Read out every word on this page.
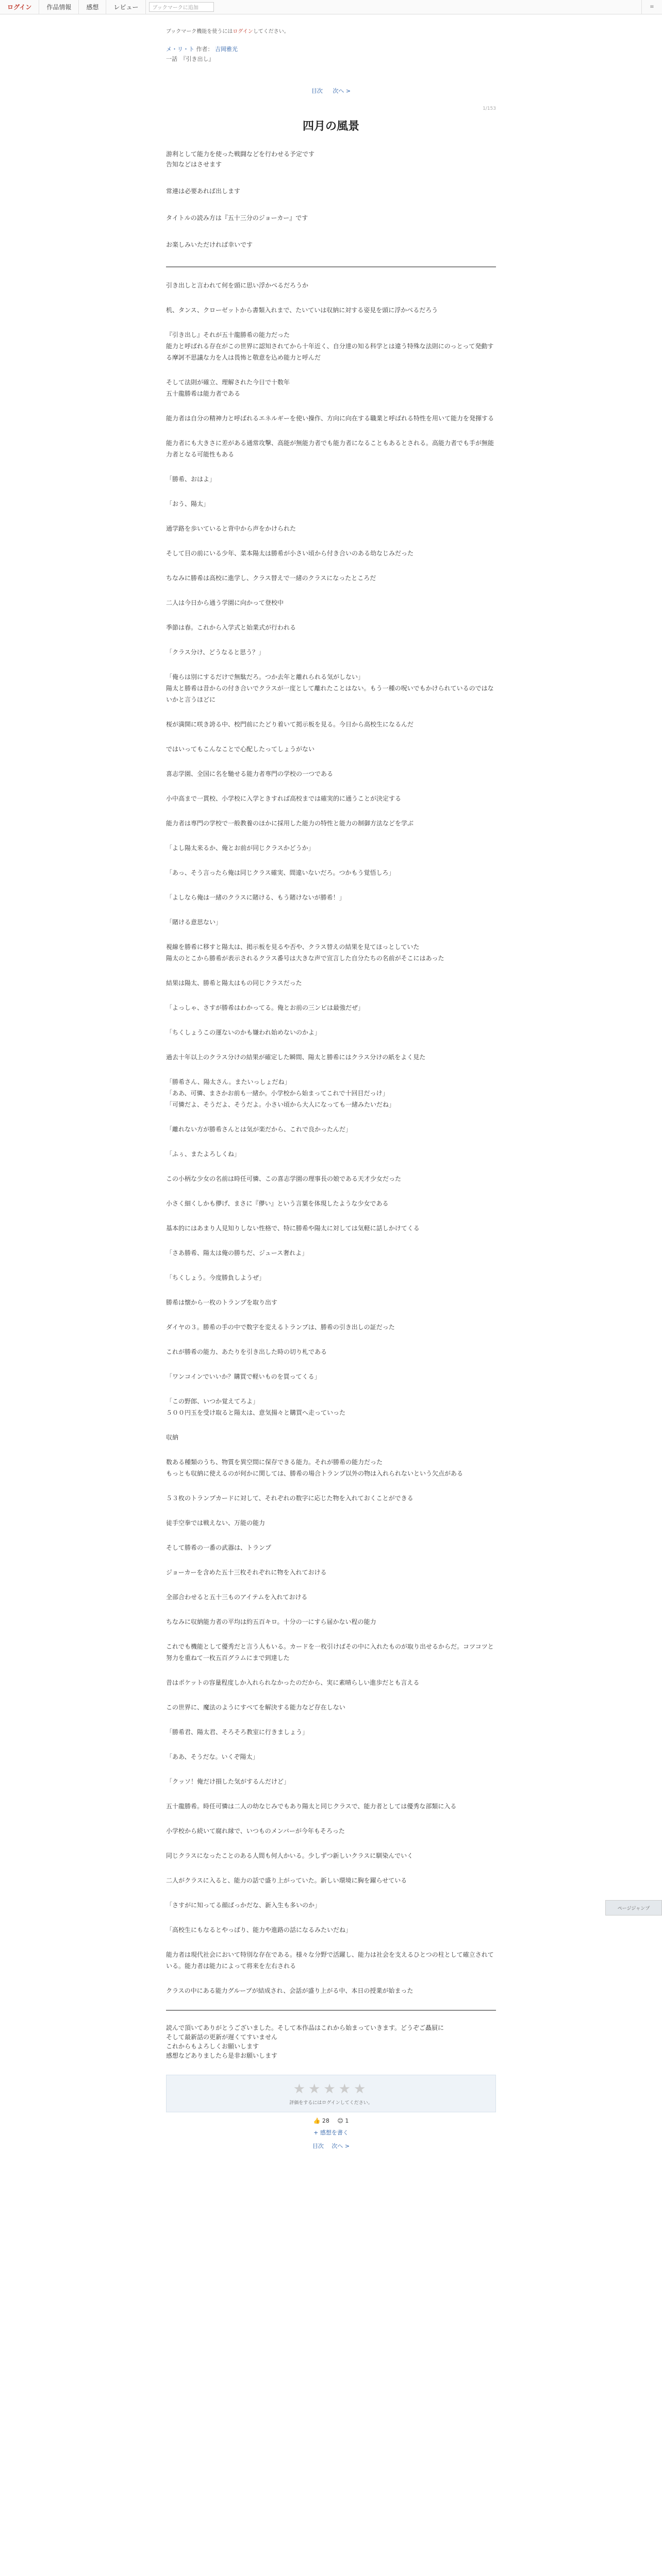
ログイン	作品情報	感想	レビュー	ブックマークに追加	≡
ブックマーク機能を使うにはログインしてください。
メ・リ・ト 作者： 吉岡雅光
一話　『引き出し』
目次 次へ >
1/153
四月の風景

游利として能力を使った戦闘などを行わせる予定です
告知などはさせます

常連は必要あれば出します

タイトルの読み方は『五十三分のジョーカー』です

お楽しみいただければ幸いです

引き出しと言われて何を頭に思い浮かべるだろうか

机、タンス、クローゼットから書類入れまで、たいていは収納に対する姿見を頭に浮かべるだろう

『引き出し』それが五十龍勝希の能力だった
能力と呼ばれる存在がこの世界に認知されてから十年近く、自分達の知る科学とは違う特殊な法則にのっとって発動する摩訶不思議な力を人は畏怖と敬意を込め能力と呼んだ

そして法則が確立、理解された今日で十数年
五十龍勝希は能力者である

能力者は自分の精神力と呼ばれるエネルギーを使い操作、方向に向在する職業と呼ばれる特性を用いて能力を発揮する

能力者にも大きさに差がある通常攻撃、高能が無能力者でも能力者になることもあるとされる。高能力者でも手が無能力者となる可能性もある

「勝希、おはよ」

「おう、陽太」

通学路を歩いていると背中から声をかけられた

そして目の前にいる少年、菜本陽太は勝希が小さい頃から付き合いのある幼なじみだった

ちなみに勝希は高校に進学し、クラス替えで一緒のクラスになったところだ

二人は今日から通う学園に向かって登校中

季節は春。これから入学式と始業式が行われる

「クラス分け、どうなると思う？」

「俺らは別にするだけで無駄だろ。つか去年と離れられる気がしない」
陽太と勝希は昔からの付き合いでクラスが一度として離れたことはない。もう一種の呪いでもかけられているのではないかと言うほどに

桜が満開に咲き誇る中、校門前にたどり着いて掲示板を見る。今日から高校生になるんだ

ではいってもこんなことで心配したってしょうがない

喜志学園、全国に名を馳せる能力者専門の学校の一つである

小中高まで一貫校、小学校に入学ときすれば高校までは確実的に通うことが決定する

能力者は専門の学校で一般教養のほかに採用した能力の特性と能力の制御方法などを学ぶ

「よし陽太来るか、俺とお前が同じクラスかどうか」

「あっ、そう言ったら俺は同じクラス確実、間違いないだろ。つかもう覚悟しろ」

「よしなら俺は一緒のクラスに賭ける、もう賭けないが勝希！」

「賭ける意思ない」

視線を勝希に移すと陽太は、掲示板を見るや否や、クラス替えの結果を見てほっとしていた
陽太のとこから勝希が表示されるクラス番号は大きな声で宣言した自分たちの名前がそこにはあった

結果は陽太、勝希と陽太はもの同じクラスだった

「よっしゃ、さすが勝希はわかってる。俺とお前の三ンビは最強だぜ」

「ちくしょうこの運ないのかも嫌われ始めないのかよ」

過去十年以上のクラス分けの結果が確定した瞬間、陽太と勝希にはクラス分けの紙をよく見た

「勝希さん、陽太さん。またいっしょだね」
「ああ、可憐、まさかお前も一緒か。小学校から始まってこれで十回目だっけ」
「可憐だよ、そうだよ、そうだよ。小さい頃から大人になっても一緒みたいだね」

「離れない方が勝希さんとは気が楽だから、これで良かったんだ」

「ふぅ、またよろしくね」

この小柄な少女の名前は時任可憐、この喜志学園の理事長の娘である天才少女だった

小さく細くしかも儚げ、まさに『儚い』という言葉を体現したような少女である

基本的にはあまり人見知りしない性格で、特に勝希や陽太に対しては気軽に話しかけてくる

「さあ勝希、陽太は俺の勝ちだ、ジュース奢れよ」

「ちくしょう。今度勝負しようぜ」

勝希は懐から一枚のトランプを取り出す

ダイヤの３。勝希の手の中で数字を変えるトランプは、勝希の引き出しの証だった

これが勝希の能力、あたりを引き出した時の切り札である

「ワンコインでいいか？購買で軽いものを買ってくる」

「この野郎、いつか覚えてろよ」
５００円玉を受け取ると陽太は、意気揚々と購買へ走っていった

収納

数ある種類のうち、物質を異空間に保存できる能力。それが勝希の能力だった
もっとも収納に使えるのが何かに関しては、勝希の場合トランプ以外の物は入れられないという欠点がある

５３枚のトランプカードに対して、それぞれの数字に応じた物を入れておくことができる

徒手空拳では戦えない、万能の能力

そして勝希の一番の武器は、トランプ

ジョーカーを含めた五十三枚それぞれに物を入れておける

全部合わせると五十三ものアイテムを入れておける

ちなみに収納能力者の平均は約五百キロ。十分の一にすら届かない程の能力

これでも機能として優秀だと言う人もいる。カードを一枚引けばその中に入れたものが取り出せるからだ。コツコツと努力を重ねて一枚五百グラムにまで到達した

昔はポケットの容量程度しか入れられなかったのだから、実に素晴らしい進歩だとも言える

この世界に、魔法のようにすべてを解決する能力など存在しない

「勝希君、陽太君、そろそろ教室に行きましょう」

「ああ、そうだな。いくぞ陽太」

「クッソ！俺だけ損した気がするんだけど」

五十龍勝希。時任可憐は二人の幼なじみでもあり陽太と同じクラスで、能力者としては優秀な部類に入る

小学校から続いて腐れ縁で、いつものメンバーが今年もそろった

同じクラスになったことのある人間も何人かいる。少しずつ新しいクラスに馴染んでいく

二人がクラスに入ると、能力の話で盛り上がっていた。新しい環境に胸を躍らせている

「さすがに知ってる顔ばっかだな、新入生も多いのか」

「高校生にもなるとやっぱり、能力や進路の話になるみたいだね」

能力者は現代社会において特別な存在である。様々な分野で活躍し、能力は社会を支えるひとつの柱として確立されている。能力者は能力によって将来を左右される

クラスの中にある能力グループが結成され、会話が盛り上がる中、本日の授業が始まった

読んで頂いてありがとうございました。そして本作品はこれから始まっていきます。どうぞご贔屓に

そして最新話の更新が遅くてすいません

これからもよろしくお願いします

感想などありましたら是非お願いします

★★★★★
評価をするにはログインしてください。
👍 28 😊 1
+ 感想を書く
目次 次へ >
ページジャンプ
